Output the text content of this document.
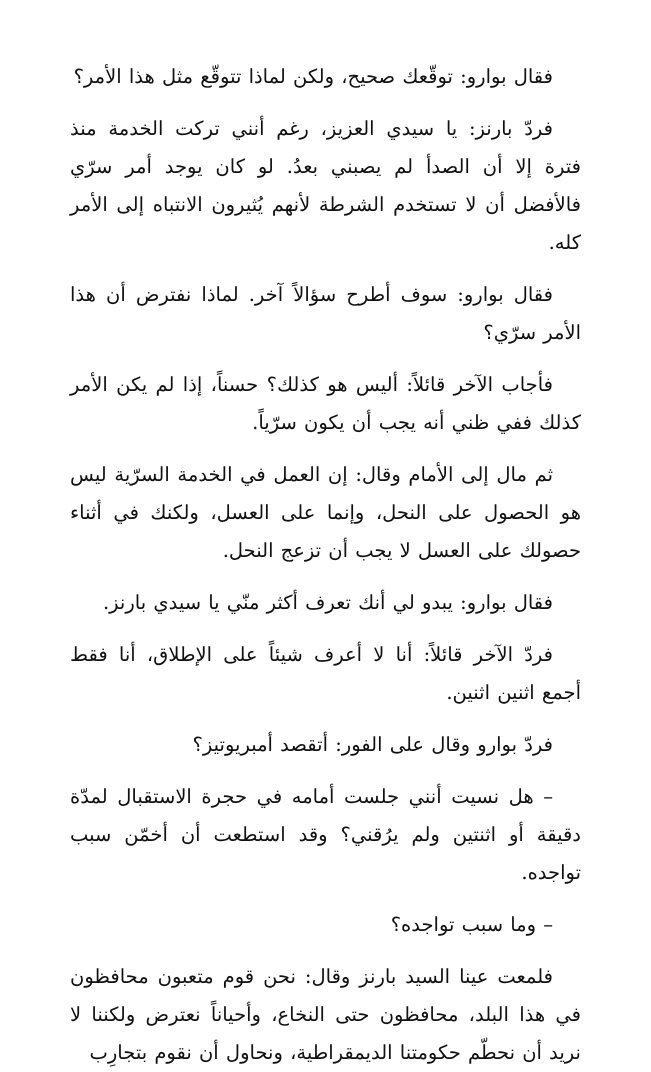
فقال بوارو: توقّعك صحيح، ولكن لماذا تتوقّع مثل هذا الأمر؟

فردّ بارنز: يا سيدي العزيز، رغم أنني تركت الخدمة منذ فترة إلا أن الصدأ لم يصبني بعدُ. لو كان يوجد أمر سرّي فالأفضل أن لا تستخدم الشرطة لأنهم يُثيرون الانتباه إلى الأمر كله.

فقال بوارو: سوف أطرح سؤالاً آخر. لماذا نفترض أن هذا الأمر سرّي؟

فأجاب الآخر قائلاً: أليس هو كذلك؟ حسناً، إذا لم يكن الأمر كذلك ففي ظني أنه يجب أن يكون سرّياً.

ثم مال إلى الأمام وقال: إن العمل في الخدمة السرّية ليس هو الحصول على النحل، وإنما على العسل، ولكنك في أثناء حصولك على العسل لا يجب أن تزعج النحل.

فقال بوارو: يبدو لي أنك تعرف أكثر منّي يا سيدي بارنز.

فردّ الآخر قائلاً: أنا لا أعرف شيئاً على الإطلاق، أنا فقط أجمع اثنين اثنين.

فردّ بوارو وقال على الفور: أتقصد أمبريوتيز؟

– هل نسيت أنني جلست أمامه في حجرة الاستقبال لمدّة دقيقة أو اثنتين ولم يرُقني؟ وقد استطعت أن أخمّن سبب تواجده.

– وما سبب تواجده؟

فلمعت عينا السيد بارنز وقال: نحن قوم متعبون محافظون في هذا البلد، محافظون حتى النخاع، وأحياناً نعترض ولكننا لا نريد أن نحطّم حكومتنا الديمقراطية، ونحاول أن نقوم بتجارِب
